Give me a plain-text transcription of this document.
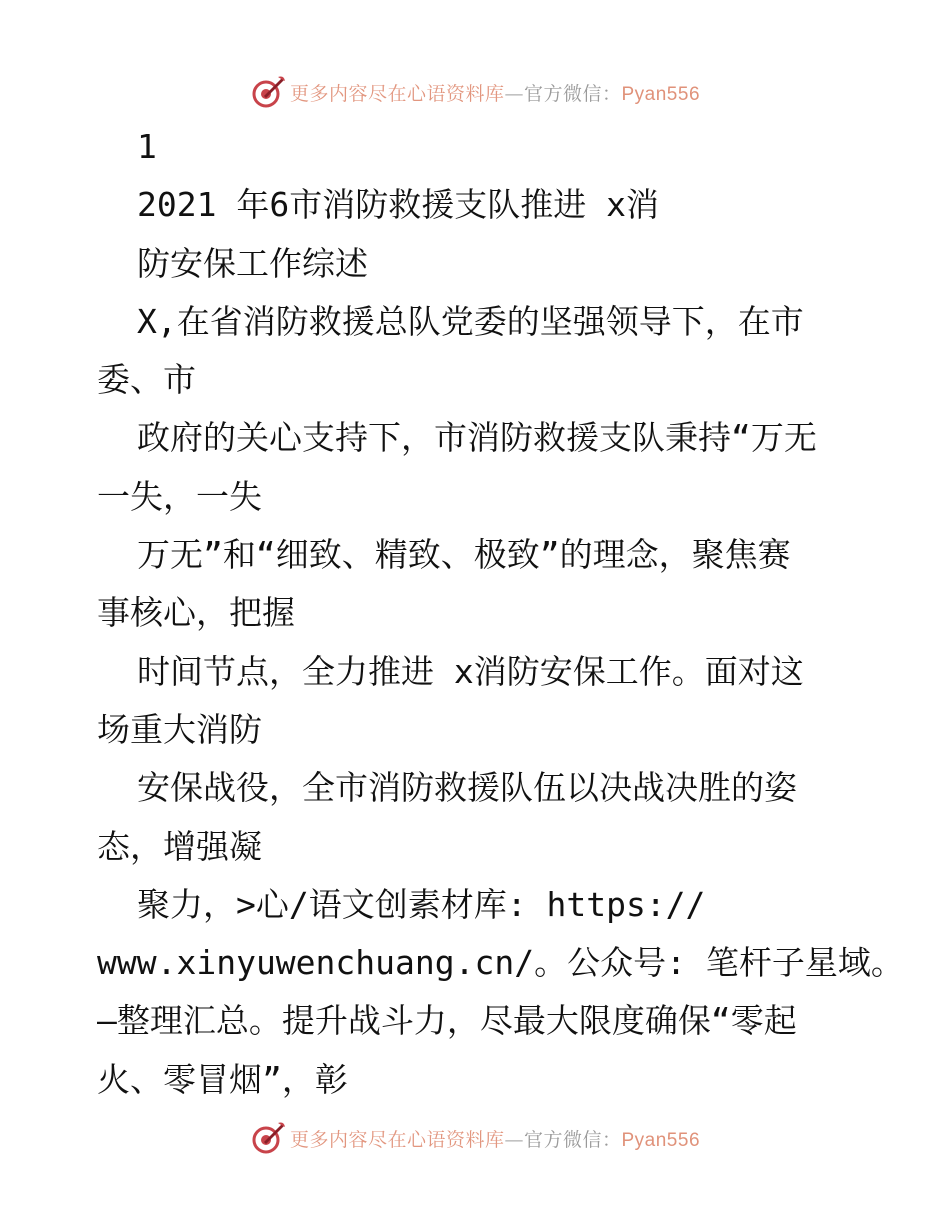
更多内容尽在心语资料库—官方微信：Pyan556
1
2021 年6市消防救援支队推进 x消
防安保工作综述
X,在省消防救援总队党委的坚强领导下，在市
委、市
政府的关心支持下，市消防救援支队秉持“万无
一失，一失
万无”和“细致、精致、极致”的理念，聚焦赛
事核心，把握
时间节点，全力推进 x消防安保工作。面对这
场重大消防
安保战役，全市消防救援队伍以决战决胜的姿
态，增强凝
聚力，>心/语文创素材库: https://
www.xinyuwenchuang.cn/。公众号: 笔杆子星域。
—整理汇总。提升战斗力，尽最大限度确保“零起
火、零冒烟”，彰
更多内容尽在心语资料库—官方微信：Pyan556
